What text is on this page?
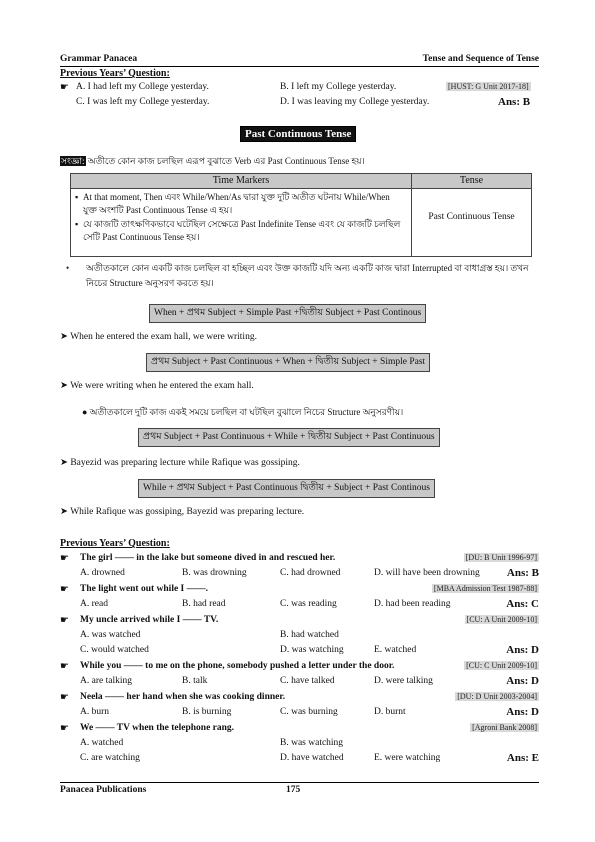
Grammar Panacea	Tense and Sequence of Tense
Previous Years’ Question:
☛ A. I had left my College yesterday.	B. I left my College yesterday.	[HUST: G Unit 2017-18]
C. I was left my College yesterday.	D. I was leaving my College yesterday.	Ans: B
Past Continuous Tense
সংজ্ঞা: অতীতে কোন কাজ চলছিল এরূপ বুঝাতে Verb এর Past Continuous Tense হয়।
Time Markers	Tense
▪ At that moment, Then এবং While/When/As দ্বারা যুক্ত দুটি অতীত ঘটনায় While/When যুক্ত অংশটি Past Continuous Tense এ হয়।
▪ যে কাজটি তাৎক্ষণিকভাবে ঘটেছিল সেক্ষেত্রে Past Indefinite Tense এবং যে কাজটি চলছিল সেটি Past Continuous Tense হয়।
Past Continuous Tense
• অতীতকালে কোন একটি কাজ চলছিল বা হচ্ছিল এবং উক্ত কাজটি যদি অন্য একটি কাজ দ্বারা Interrupted বা বাধাগ্রস্ত হয়। তখন নিচের Structure অনুসরণ করতে হয়।
When + প্রথম Subject + Simple Past +দ্বিতীয় Subject + Past Continous
➤ When he entered the exam hall, we were writing.
প্রথম Subject + Past Continuous + When + দ্বিতীয় Subject + Simple Past
➤ We were writing when he entered the exam hall.
● অতীতকালে দুটি কাজ একই সময়ে চলছিল বা ঘটছিল বুঝালে নিচের Structure অনুসরণীয়।
প্রথম Subject + Past Continuous + While + দ্বিতীয় Subject + Past Continuous
➤ Bayezid was preparing lecture while Rafique was gossiping.
While + প্রথম Subject + Past Continuous দ্বিতীয় + Subject + Past Continous
➤ While Rafique was gossiping, Bayezid was preparing lecture.
Previous Years’ Question:
☛ The girl —— in the lake but someone dived in and rescued her.	[DU: B Unit 1996-97]
A. drowned	B. was drowning	C. had drowned	D. will have been drowning Ans: B
☛ The light went out while I ——.	[MBA Admission Test 1987-88]
A. read	B. had read	C. was reading	D. had been reading	Ans: C
☛ My uncle arrived while I —— TV.	[CU: A Unit 2009-10]
A. was watched	B. had watched
C. would watched	D. was watching	E. watched	Ans: D
☛ While you —— to me on the phone, somebody pushed a letter under the door.	[CU: C Unit 2009-10]
A. are talking	B. talk	C. have talked	D. were talking	Ans: D
☛ Neela —— her hand when she was cooking dinner.	[DU: D Unit 2003-2004]
A. burn	B. is burning	C. was burning	D. burnt	Ans: D
☛ We —— TV when the telephone rang.	[Agroni Bank 2008]
A. watched	B. was watching
C. are watching	D. have watched	E. were watching	Ans: E
Panacea Publications	175
